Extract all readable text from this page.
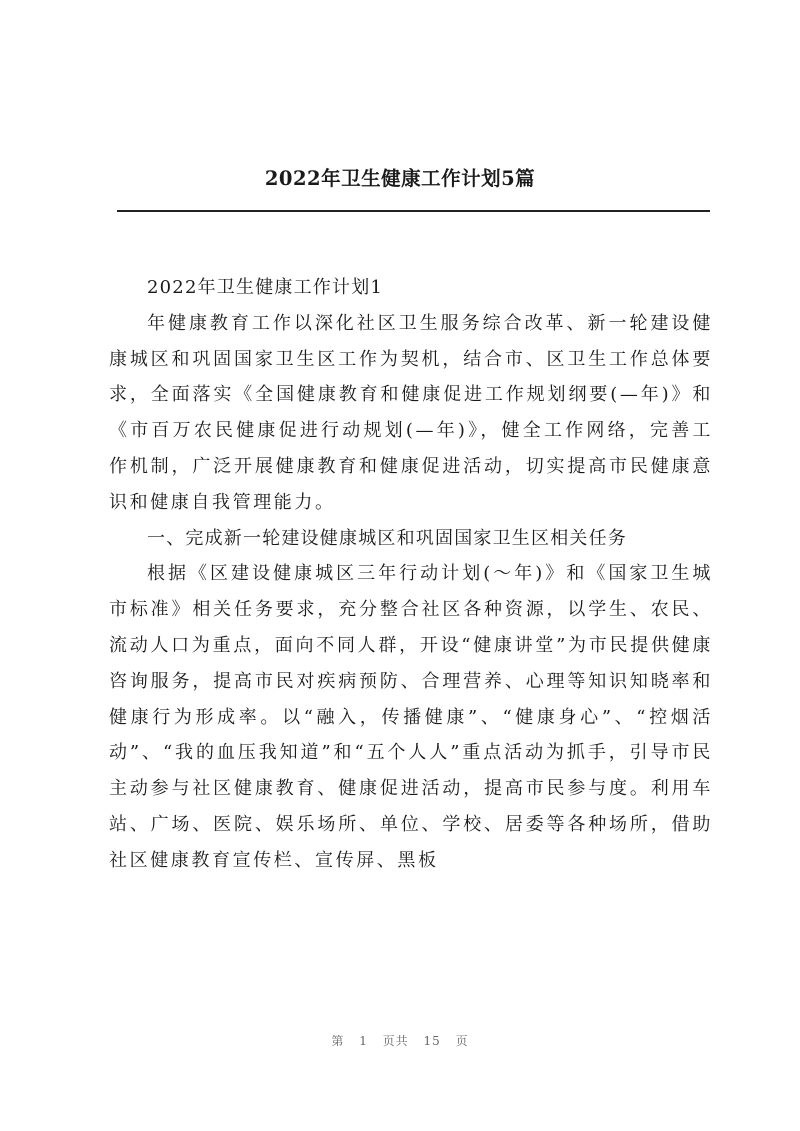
2022年卫生健康工作计划5篇

2022年卫生健康工作计划1

年健康教育工作以深化社区卫生服务综合改革、新一轮建设健康城区和巩固国家卫生区工作为契机，结合市、区卫生工作总体要求，全面落实《全国健康教育和健康促进工作规划纲要(—年)》和《市百万农民健康促进行动规划(—年)》，健全工作网络，完善工作机制，广泛开展健康教育和健康促进活动，切实提高市民健康意识和健康自我管理能力。

一、完成新一轮建设健康城区和巩固国家卫生区相关任务

根据《区建设健康城区三年行动计划(～年)》和《国家卫生城市标准》相关任务要求，充分整合社区各种资源，以学生、农民、流动人口为重点，面向不同人群，开设“健康讲堂”为市民提供健康咨询服务，提高市民对疾病预防、合理营养、心理等知识知晓率和健康行为形成率。以“融入，传播健康”、“健康身心”、“控烟活动”、“我的血压我知道”和“五个人人”重点活动为抓手，引导市民主动参与社区健康教育、健康促进活动，提高市民参与度。利用车站、广场、医院、娱乐场所、单位、学校、居委等各种场所，借助社区健康教育宣传栏、宣传屏、黑板

第 1 页共 15 页
